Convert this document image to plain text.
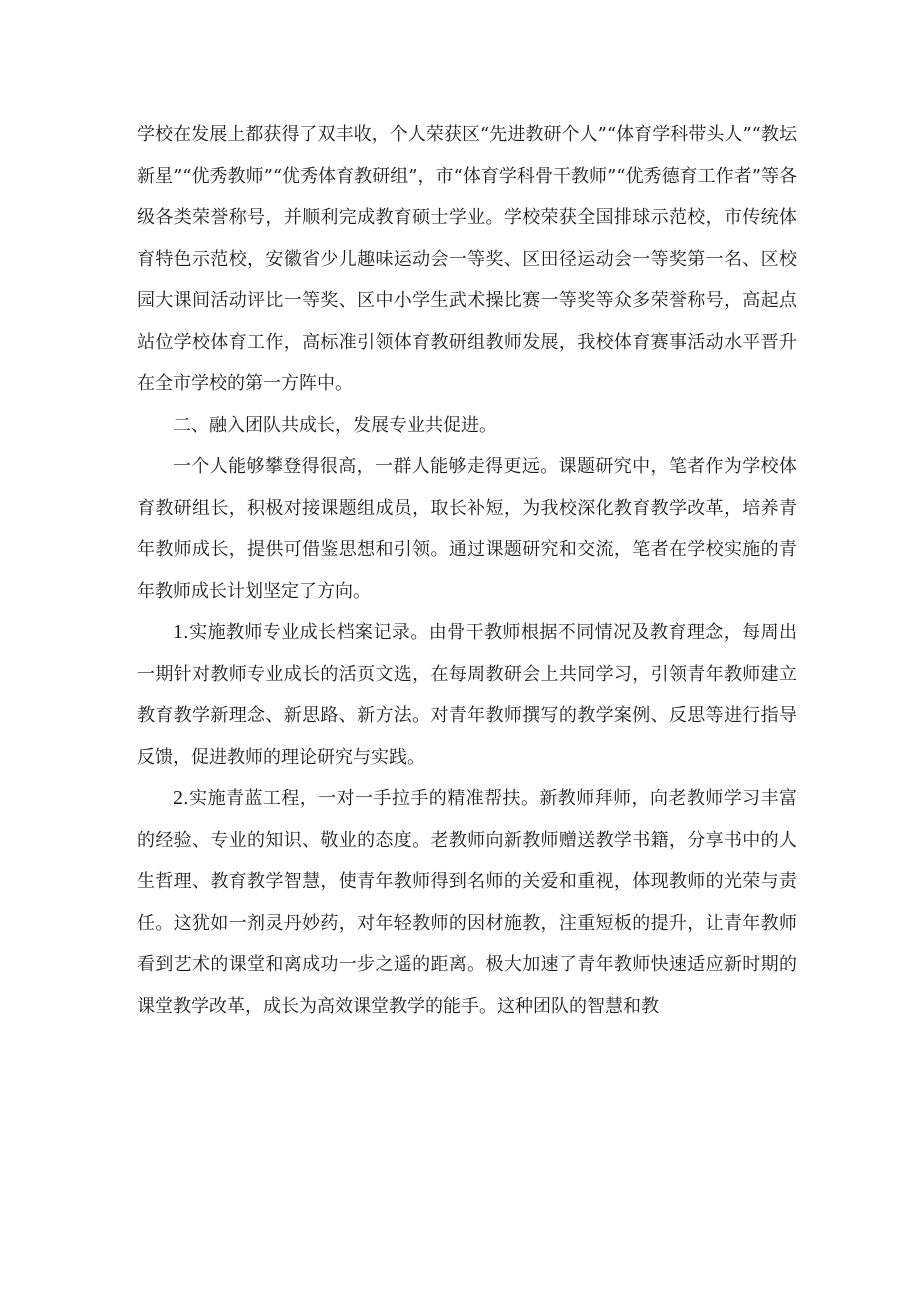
学校在发展上都获得了双丰收，个人荣获区“先进教研个人”“体育学科带头人”“教坛新星”“优秀教师”“优秀体育教研组”，市“体育学科骨干教师”“优秀德育工作者”等各级各类荣誉称号，并顺利完成教育硕士学业。学校荣获全国排球示范校，市传统体育特色示范校，安徽省少儿趣味运动会一等奖、区田径运动会一等奖第一名、区校园大课间活动评比一等奖、区中小学生武术操比赛一等奖等众多荣誉称号，高起点站位学校体育工作，高标准引领体育教研组教师发展，我校体育赛事活动水平晋升在全市学校的第一方阵中。

二、融入团队共成长，发展专业共促进。

一个人能够攀登得很高，一群人能够走得更远。课题研究中，笔者作为学校体育教研组长，积极对接课题组成员，取长补短，为我校深化教育教学改革，培养青年教师成长，提供可借鉴思想和引领。通过课题研究和交流，笔者在学校实施的青年教师成长计划坚定了方向。

1.实施教师专业成长档案记录。由骨干教师根据不同情况及教育理念，每周出一期针对教师专业成长的活页文选，在每周教研会上共同学习，引领青年教师建立教育教学新理念、新思路、新方法。对青年教师撰写的教学案例、反思等进行指导反馈，促进教师的理论研究与实践。

2.实施青蓝工程，一对一手拉手的精准帮扶。新教师拜师，向老教师学习丰富的经验、专业的知识、敬业的态度。老教师向新教师赠送教学书籍，分享书中的人生哲理、教育教学智慧，使青年教师得到名师的关爱和重视，体现教师的光荣与责任。这犹如一剂灵丹妙药，对年轻教师的因材施教，注重短板的提升，让青年教师看到艺术的课堂和离成功一步之遥的距离。极大加速了青年教师快速适应新时期的课堂教学改革，成长为高效课堂教学的能手。这种团队的智慧和教
